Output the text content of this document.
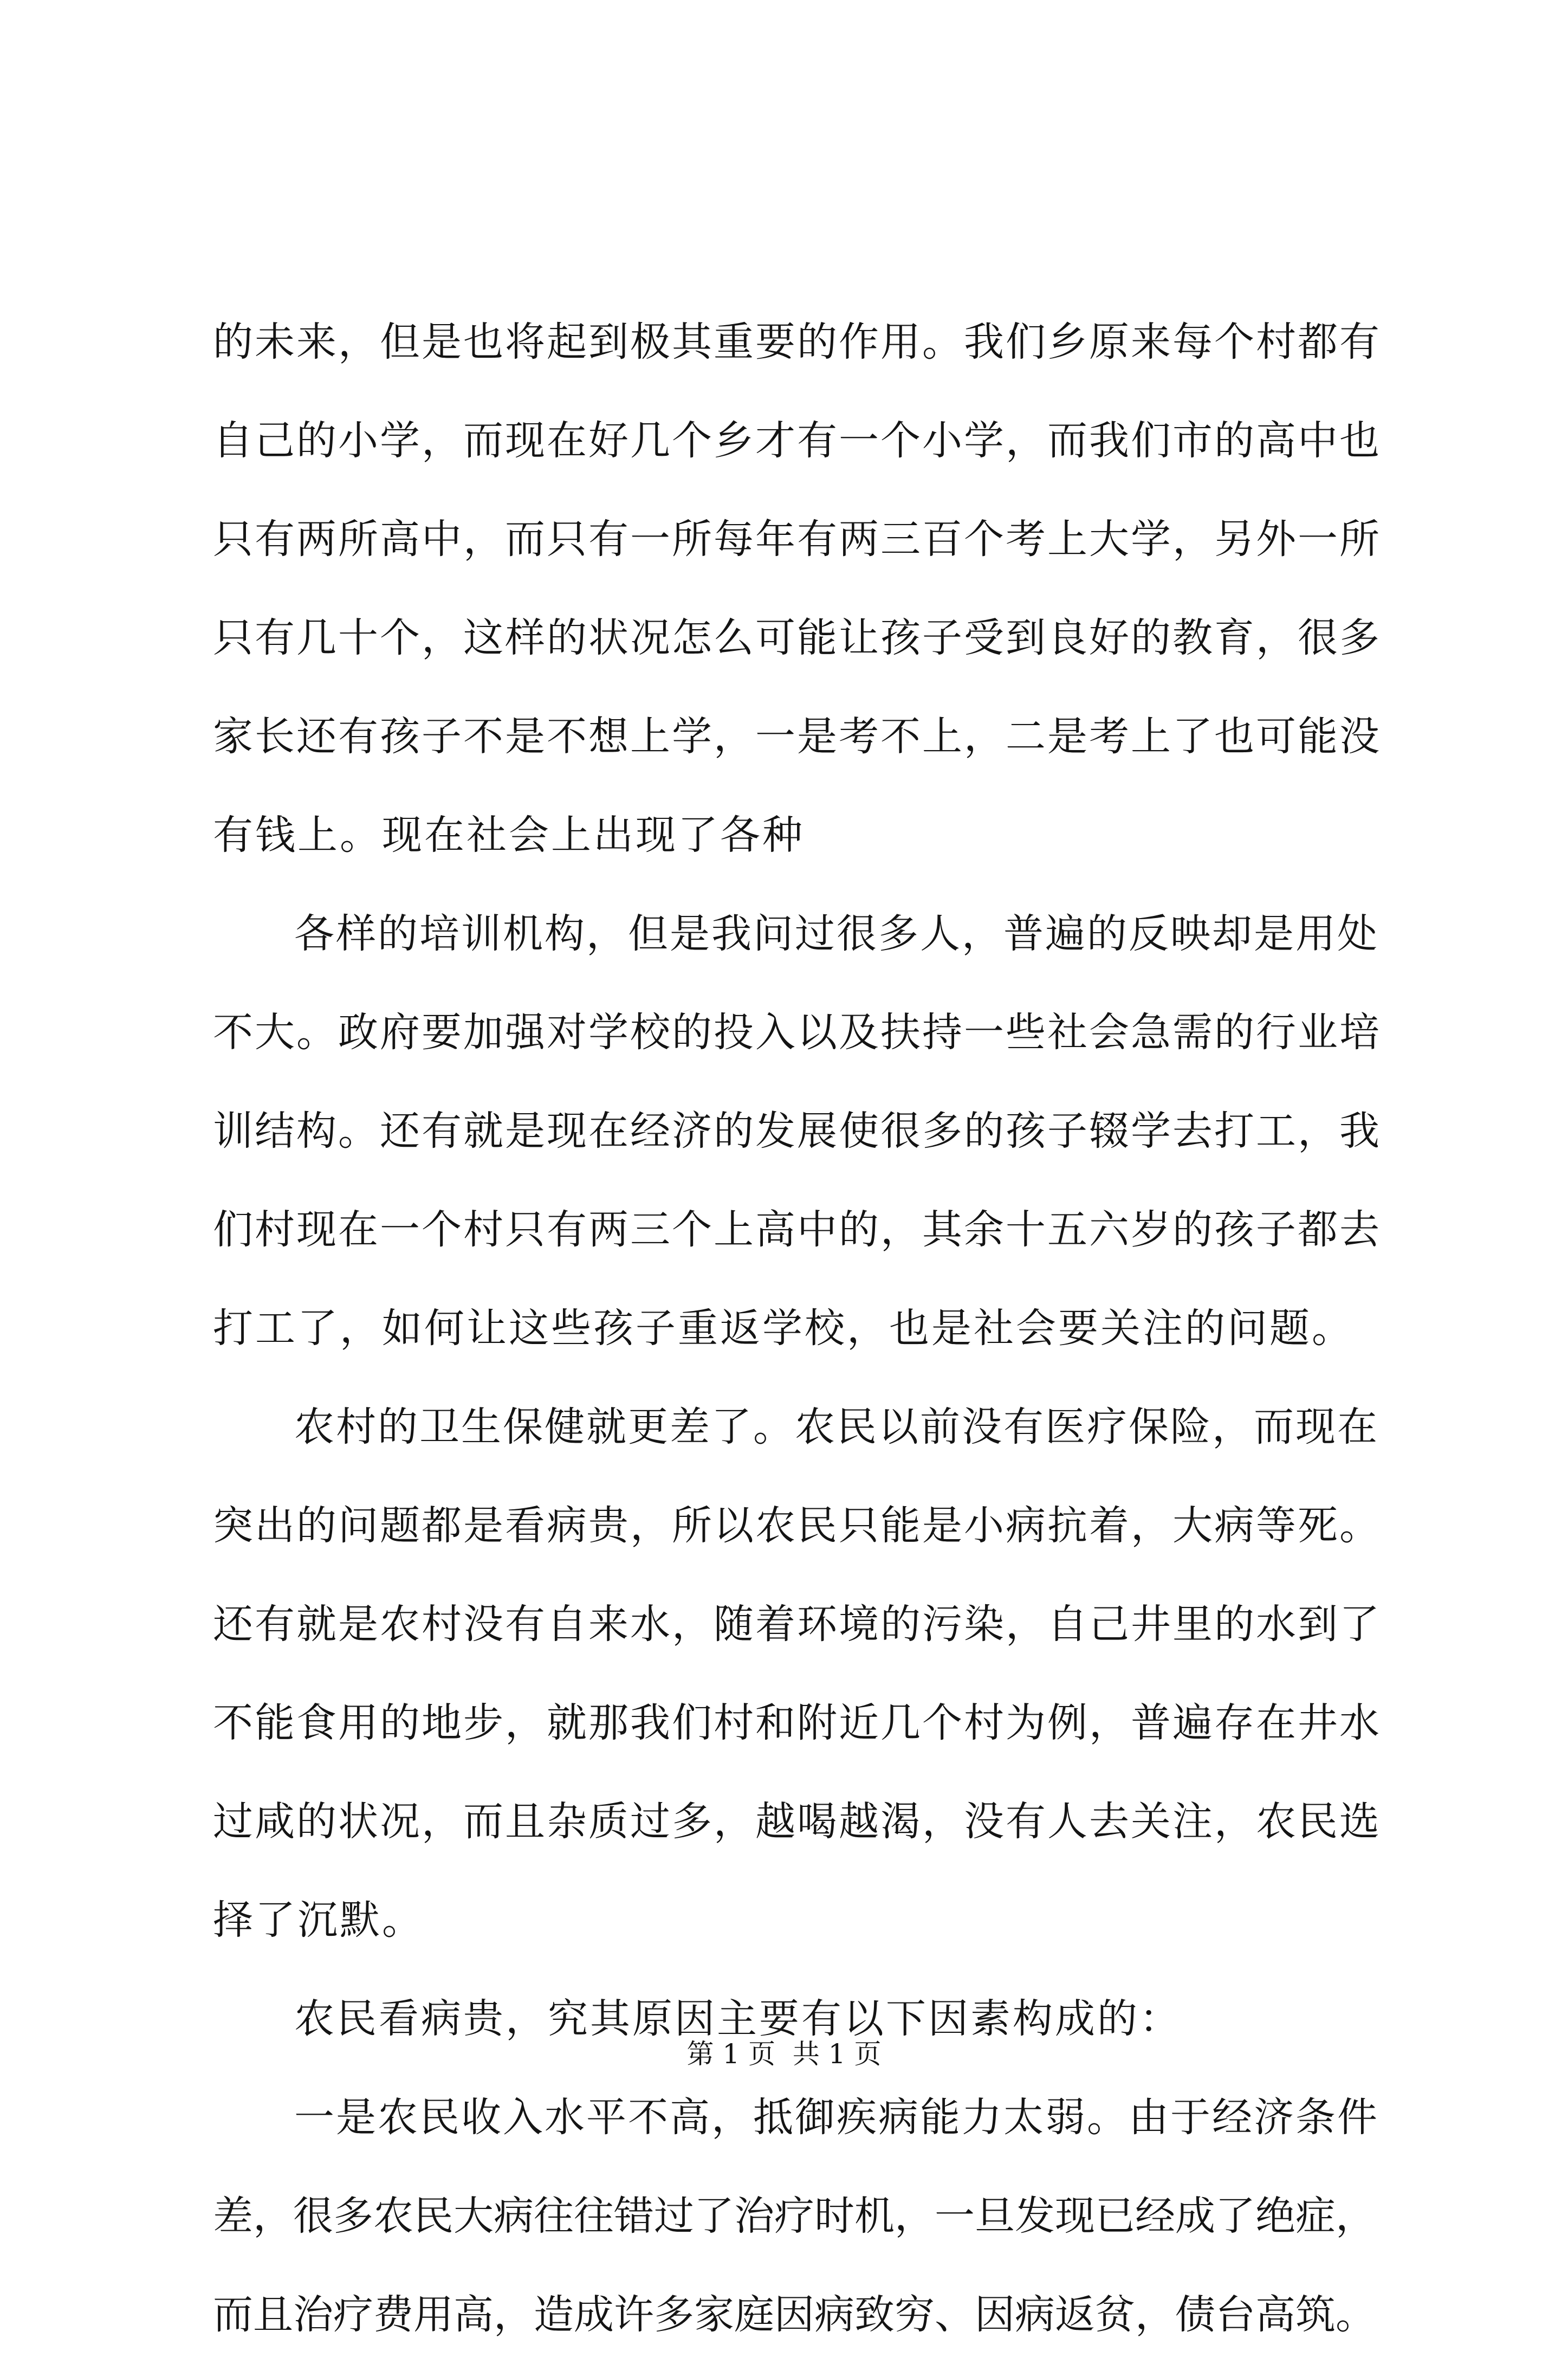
的未来，但是也将起到极其重要的作用。我们乡原来每个村都有
自己的小学，而现在好几个乡才有一个小学，而我们市的高中也
只有两所高中，而只有一所每年有两三百个考上大学，另外一所
只有几十个，这样的状况怎么可能让孩子受到良好的教育，很多
家长还有孩子不是不想上学，一是考不上，二是考上了也可能没
有钱上。现在社会上出现了各种
各样的培训机构，但是我问过很多人，普遍的反映却是用处
不大。政府要加强对学校的投入以及扶持一些社会急需的行业培
训结构。还有就是现在经济的发展使很多的孩子辍学去打工，我
们村现在一个村只有两三个上高中的，其余十五六岁的孩子都去
打工了，如何让这些孩子重返学校，也是社会要关注的问题。
农村的卫生保健就更差了。农民以前没有医疗保险，而现在
突出的问题都是看病贵，所以农民只能是小病抗着，大病等死。
还有就是农村没有自来水，随着环境的污染，自己井里的水到了
不能食用的地步，就那我们村和附近几个村为例，普遍存在井水
过咸的状况，而且杂质过多，越喝越渴，没有人去关注，农民选
择了沉默。
农民看病贵，究其原因主要有以下因素构成的：
一是农民收入水平不高，抵御疾病能力太弱。由于经济条件
差，很多农民大病往往错过了治疗时机，一旦发现已经成了绝症，
而且治疗费用高，造成许多家庭因病致穷、因病返贫，债台高筑。
第 1 页  共 1 页
